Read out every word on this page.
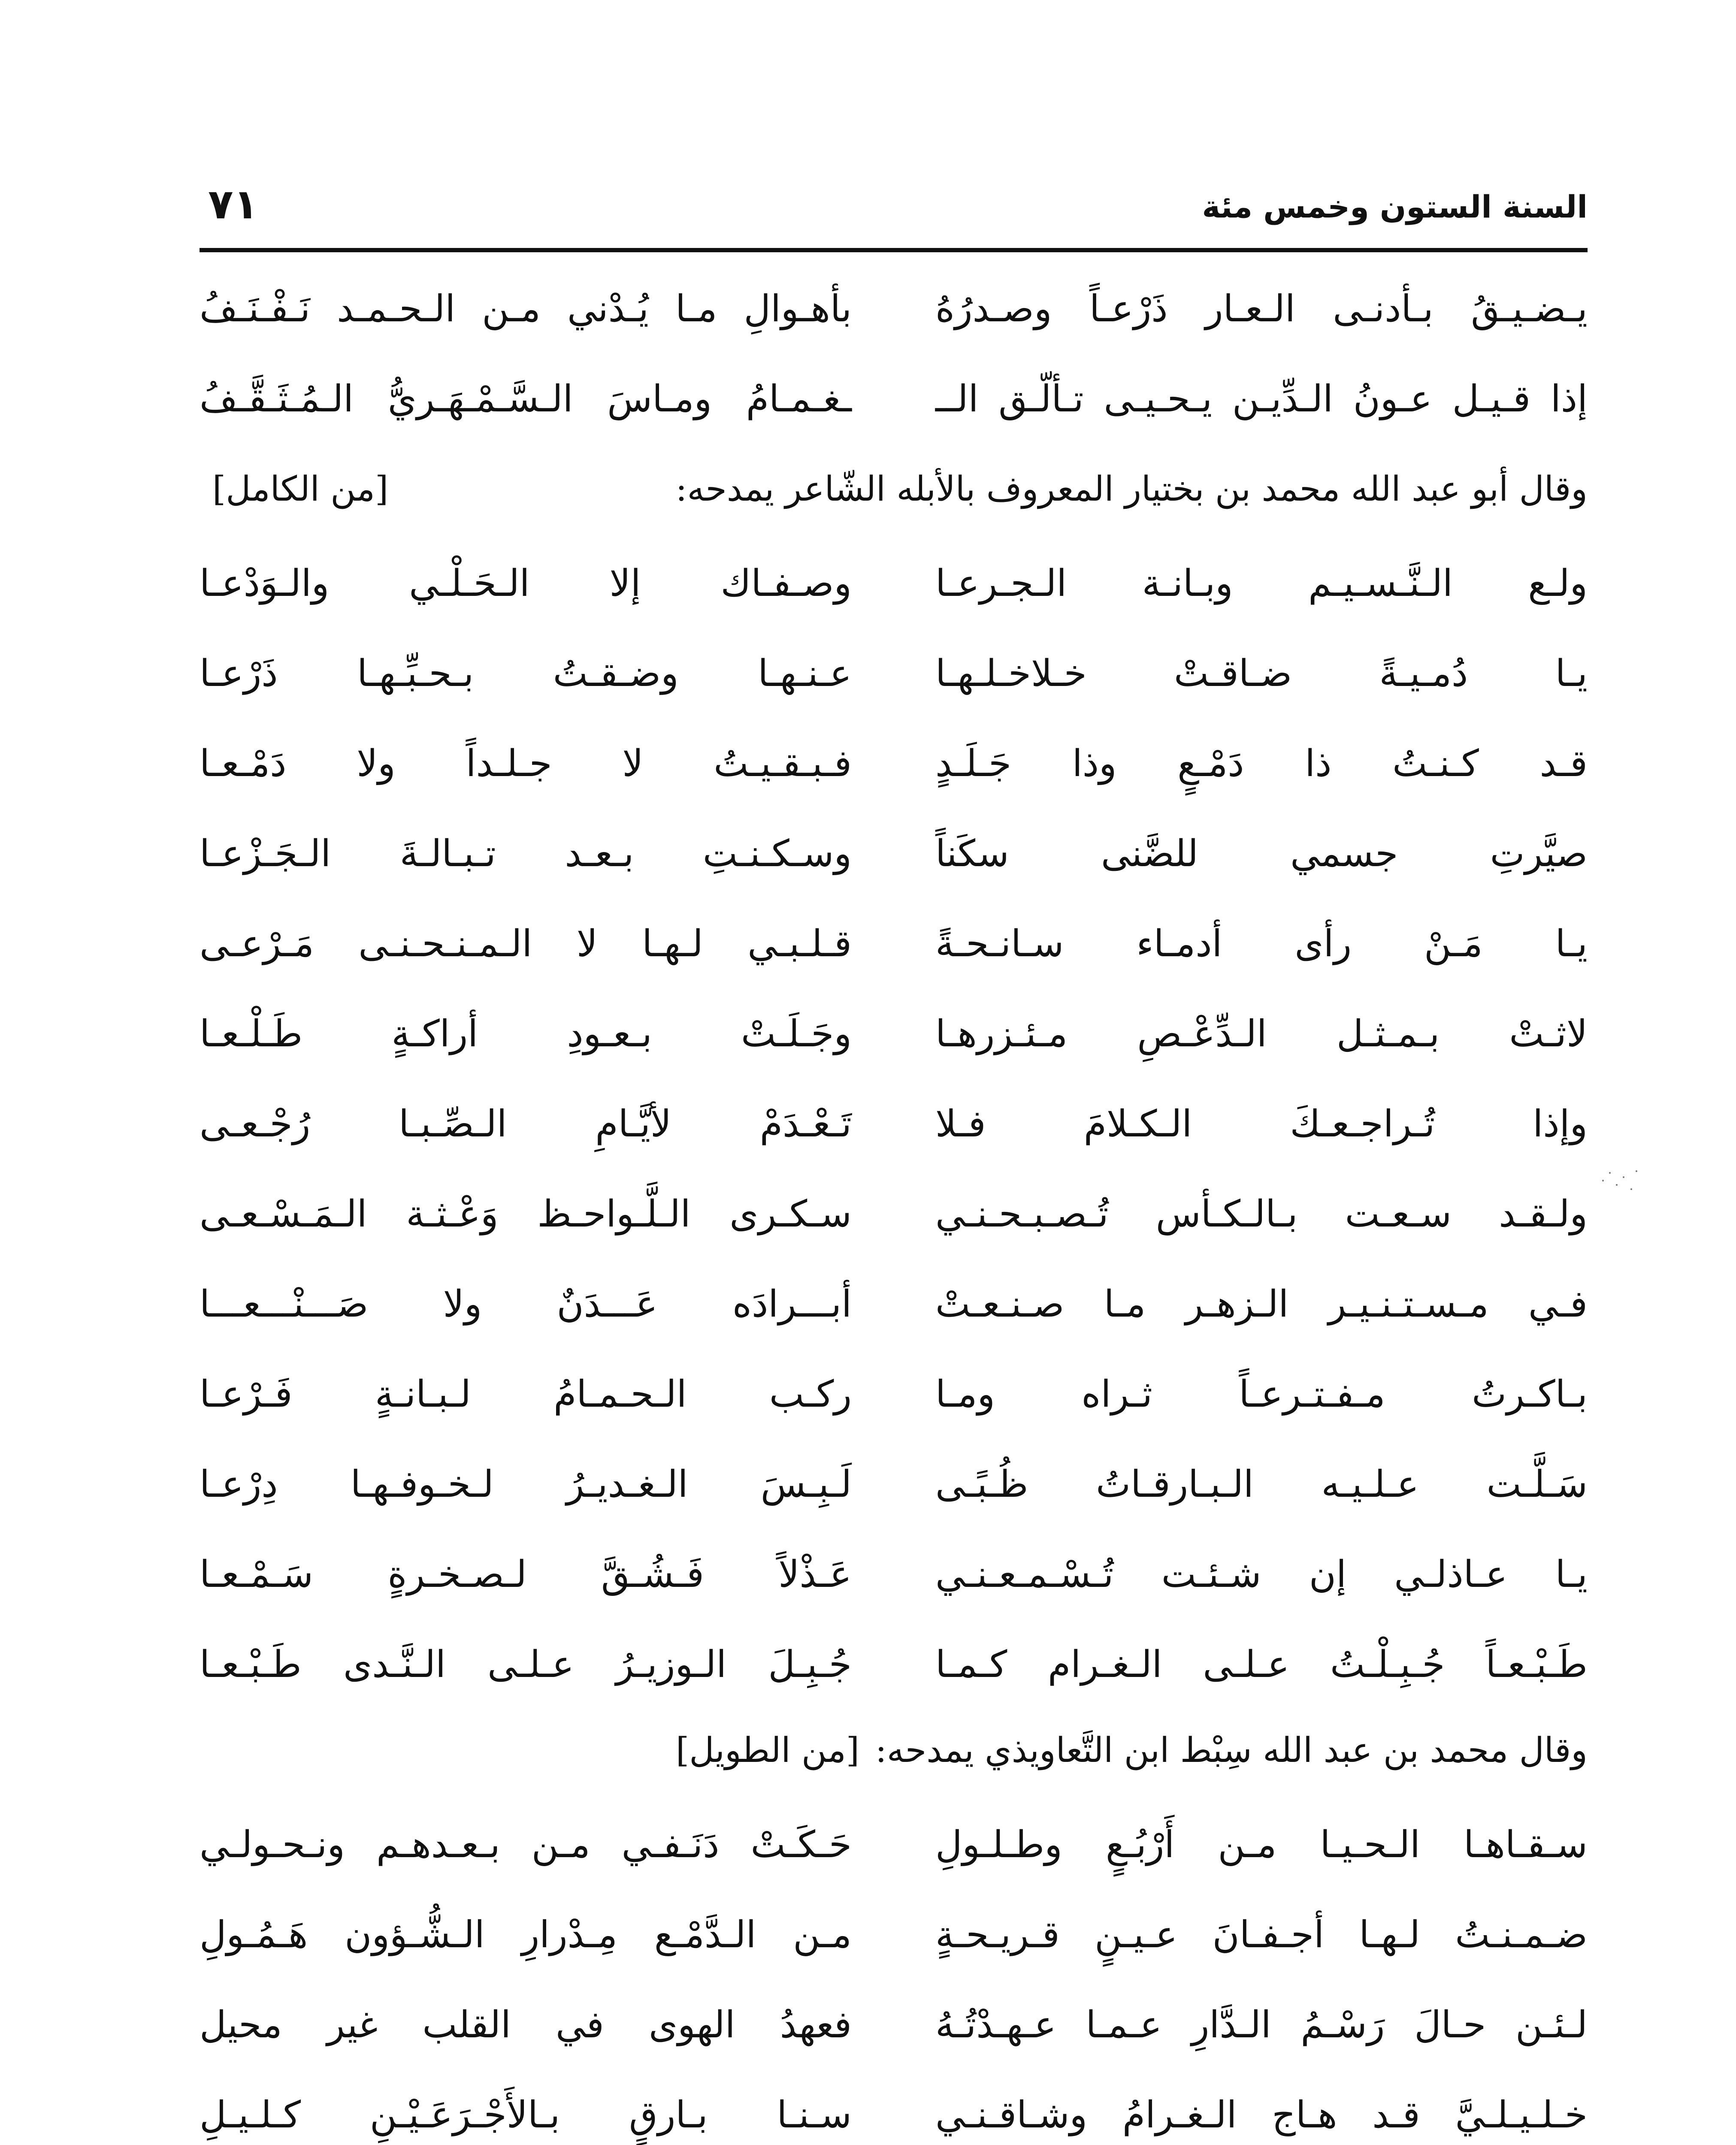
السنة الستون وخمس مئة
٧١
يـضـيـقُ بـأدنـى الـعـار ذَرْعـاً وصـدرُهُ
بأهـوالِ مـا يُـدْني مـن الـحـمـد نَـفْـنَـفُ
إذا قـيـل عـونُ الـدِّيـن يـحـيـى تـألّـق الــ
ـغـمـامُ ومـاسَ الـسَّـمْـهَـريُّ الـمُـثَـقَّـفُ
وقال أبو عبد الله محمد بن بختيار المعروف بالأبله الشّاعر يمدحه:
[من الكامل]
ولـع الـنَّـسـيـم وبـانـة الـجـرعـا
وصـفـاك إلا الـحَـلْـي والـوَدْعـا
يـا دُمـيـةً ضـاقـتْ خـلاخـلـهـا
عـنـهـا وضـقـتُ بـحـبِّـهـا ذَرْعـا
قـد كـنـتُ ذا دَمْـعٍ وذا جَـلَـدٍ
فـبـقـيـتُ لا جـلـداً ولا دَمْـعـا
صيَّرتِ جسمي للضَّنى سكَناً
وسـكـنـتِ بـعـد تـبـالـةَ الـجَـزْعـا
يـا مَـنْ رأى أدمـاء سـانـحـةً
قـلـبـي لـهـا لا الـمـنـحـنـى مَـرْعـى
لاثـتْ بـمـثـل الـدِّعْـصِ مـئـزرهـا
وجَـلَـتْ بـعـودِ أراكـةٍ طَـلْـعـا
وإذا تُـراجـعـكَ الـكـلامَ فـلا
تَـعْـدَمْ لأيَّـامِ الـصِّـبـا رُجْـعـى
ولـقـد سـعـت بـالـكـأس تُـصـبـحـنـي
سـكـرى الـلَّـواحـظ وَعْـثـة الـمَـسْـعـى
فـي مـسـتـنـيـر الـزهـر مـا صـنـعـتْ
أبـــرادَه عَـــدَنٌ ولا صَـــنْـــعـــا
بـاكـرتُ مـفـتـرعـاً ثـراه ومـا
ركـب الـحـمـامُ لـبـانـةٍ فَـرْعـا
سَـلَّـت عـلـيـه الـبـارقـاتُ ظُـبًـى
لَـبِـسَ الـغـديـرُ لـخـوفـهـا دِرْعـا
يـا عـاذلـي إن شـئـت تُـسْـمـعـنـي
عَـذْلاً فَـشُـقَّ لـصـخـرةٍ سَـمْـعـا
طَـبْـعـاً جُـبِـلْـتُ عـلـى الـغـرام كـمـا
جُـبِـلَ الـوزيـرُ عـلـى الـنَّـدى طَـبْـعـا
وقال محمد بن عبد الله سِبْط ابن التَّعاويذي يمدحه:
[من الطويل]
سـقـاهـا الـحـيـا مـن أَرْبُـعٍ وطـلـولِ
حَـكَـتْ دَنَـفـي مـن بـعـدهـم ونـحـولـي
ضـمـنـتُ لـهـا أجـفـانَ عـيـنٍ قـريـحـةٍ
مـن الـدَّمْـع مِـدْرارِ الـشُّـؤون هَـمُـولِ
لـئـن حـالَ رَسْـمُ الـدَّارِ عـمـا عـهـدْتُـهُ
فعهدُ الهوى في القلب غير محيل
خـلـيـلـيَّ قـد هـاج الـغـرامُ وشـاقـنـي
سـنـا بـارقٍ بـالأَجْـرَعَـيْـنِ كـلـيـلِ
